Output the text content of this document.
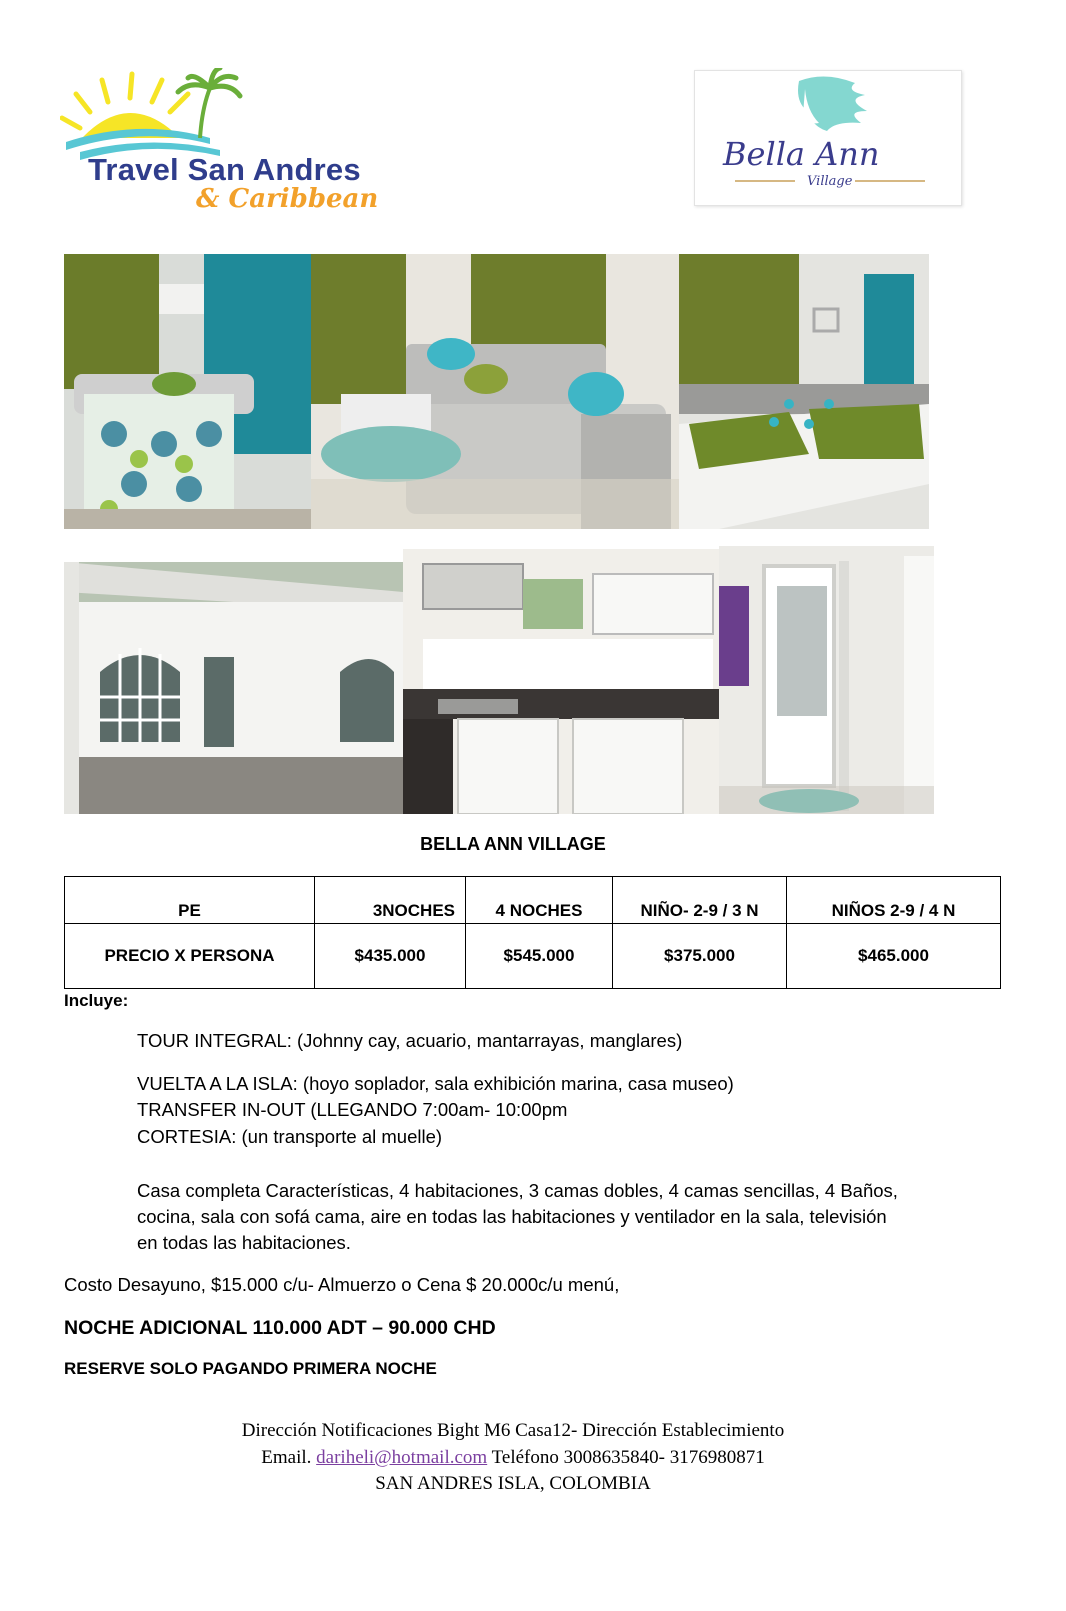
Travel San Andres
& Caribbean
Bella Ann
Village
BELLA ANN VILLAGE
PE	3NOCHES	4 NOCHES	NIÑO- 2-9 / 3 N	NIÑOS 2-9 / 4 N
PRECIO X PERSONA	$435.000	$545.000	$375.000	$465.000
Incluye:
TOUR INTEGRAL: (Johnny cay, acuario, mantarrayas, manglares)
VUELTA A LA ISLA: (hoyo soplador, sala exhibición marina, casa museo)
TRANSFER IN-OUT (LLEGANDO 7:00am- 10:00pm
CORTESIA: (un transporte al muelle)
Casa completa Características, 4 habitaciones, 3 camas dobles, 4 camas sencillas, 4 Baños,
cocina, sala con sofá cama, aire en todas las habitaciones y ventilador en la sala, televisión
en todas las habitaciones.
Costo Desayuno, $15.000 c/u- Almuerzo o Cena $ 20.000c/u menú,
NOCHE ADICIONAL 110.000 ADT – 90.000 CHD
RESERVE SOLO PAGANDO PRIMERA NOCHE
Dirección Notificaciones Bight M6 Casa12- Dirección Establecimiento
Email. dariheli@hotmail.com Teléfono 3008635840- 3176980871
SAN ANDRES ISLA, COLOMBIA
